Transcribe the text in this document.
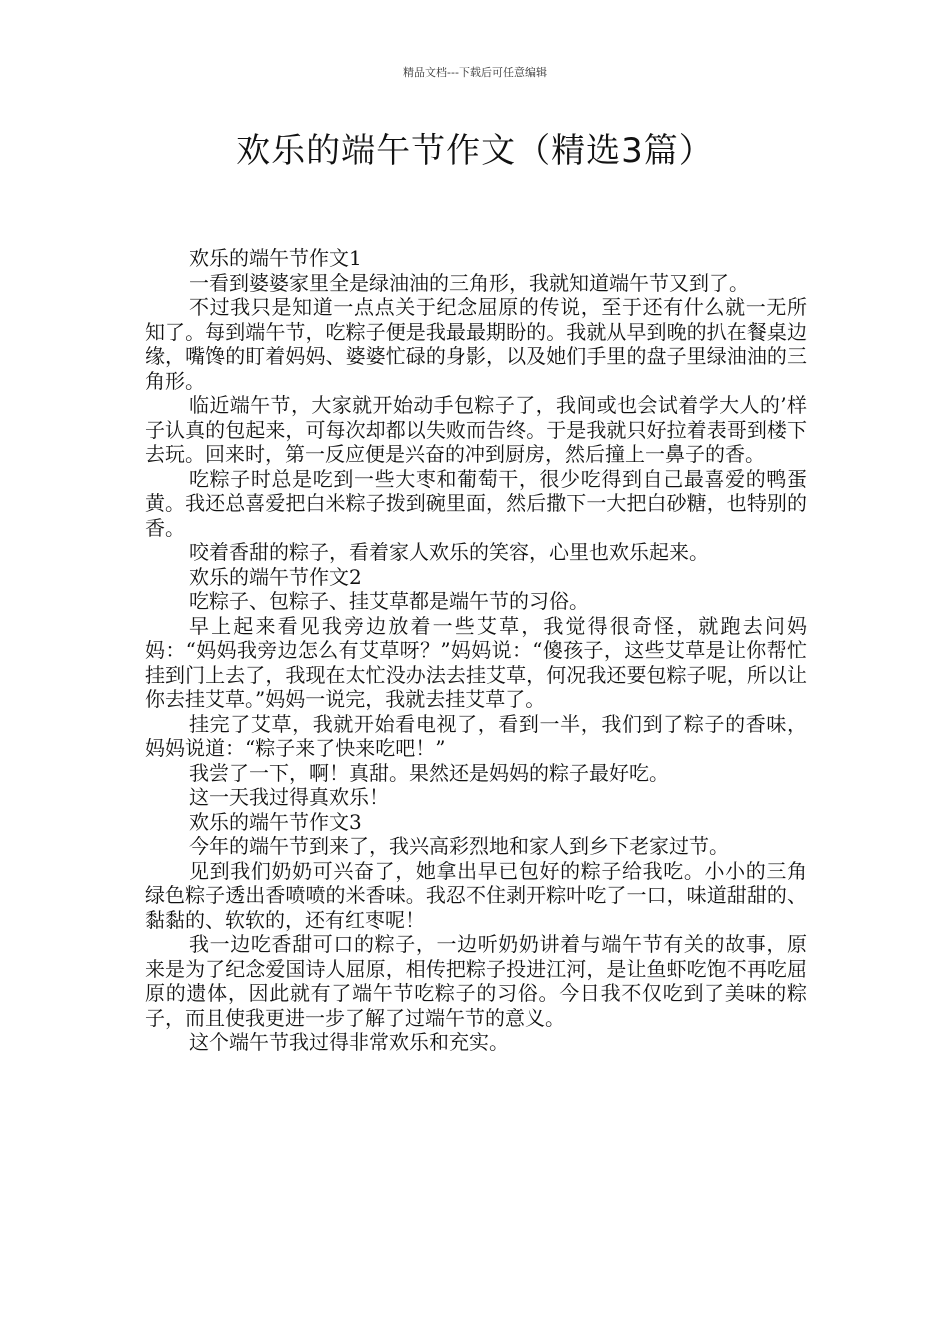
精品文档---下载后可任意编辑
欢乐的端午节作文（精选3篇）

欢乐的端午节作文1

一看到婆婆家里全是绿油油的三角形，我就知道端午节又到了。

不过我只是知道一点点关于纪念屈原的传说，至于还有什么就一无所知了。每到端午节，吃粽子便是我最最期盼的。我就从早到晚的扒在餐桌边缘，嘴馋的盯着妈妈、婆婆忙碌的身影，以及她们手里的盘子里绿油油的三角形。

临近端午节，大家就开始动手包粽子了，我间或也会试着学大人的’样子认真的包起来，可每次却都以失败而告终。于是我就只好拉着表哥到楼下去玩。回来时，第一反应便是兴奋的冲到厨房，然后撞上一鼻子的香。

吃粽子时总是吃到一些大枣和葡萄干，很少吃得到自己最喜爱的鸭蛋黄。我还总喜爱把白米粽子拨到碗里面，然后撒下一大把白砂糖，也特别的香。

咬着香甜的粽子，看着家人欢乐的笑容，心里也欢乐起来。

欢乐的端午节作文2

吃粽子、包粽子、挂艾草都是端午节的习俗。

早上起来看见我旁边放着一些艾草，我觉得很奇怪，就跑去问妈妈：“妈妈我旁边怎么有艾草呀？”妈妈说：“傻孩子，这些艾草是让你帮忙挂到门上去了，我现在太忙没办法去挂艾草，何况我还要包粽子呢，所以让你去挂艾草。”妈妈一说完，我就去挂艾草了。

挂完了艾草，我就开始看电视了，看到一半，我们到了粽子的香味，妈妈说道：“粽子来了快来吃吧！”

我尝了一下，啊！真甜。果然还是妈妈的粽子最好吃。

这一天我过得真欢乐！

欢乐的端午节作文3

今年的端午节到来了，我兴高彩烈地和家人到乡下老家过节。

见到我们奶奶可兴奋了，她拿出早已包好的粽子给我吃。小小的三角绿色粽子透出香喷喷的米香味。我忍不住剥开粽叶吃了一口，味道甜甜的、黏黏的、软软的，还有红枣呢！

我一边吃香甜可口的粽子，一边听奶奶讲着与端午节有关的故事，原来是为了纪念爱国诗人屈原，相传把粽子投进江河，是让鱼虾吃饱不再吃屈原的遗体，因此就有了端午节吃粽子的习俗。今日我不仅吃到了美味的粽子，而且使我更进一步了解了过端午节的意义。

这个端午节我过得非常欢乐和充实。
